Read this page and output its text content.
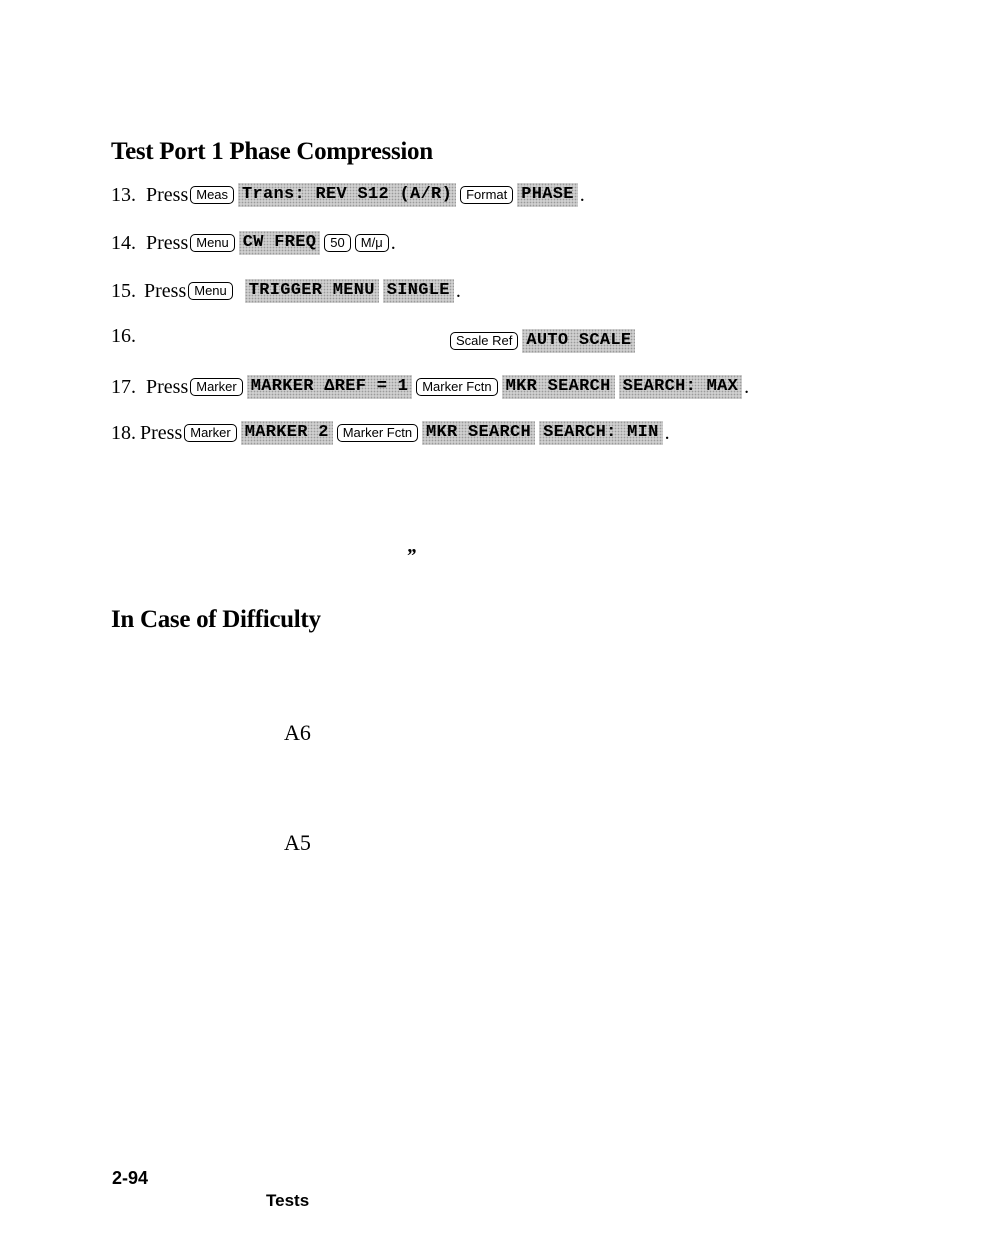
Test Port 1 Phase Compression
13. Press Meas Trans: REV S12 (A/R)	Format PHASE .
14. Press Menu CW FREQ	50	M/μ .
15. Press Menu	TRIGGER MENU SINGLE .
16.	Scale Ref AUTO SCALE
17. Press Marker MARKER ΔREF = 1	Marker Fctn MKR SEARCH SEARCH: MAX .
18. Press Marker MARKER 2	Marker Fctn MKR SEARCH SEARCH: MIN .
”
In Case of Difficulty
A6
A5
2-94
Tests
